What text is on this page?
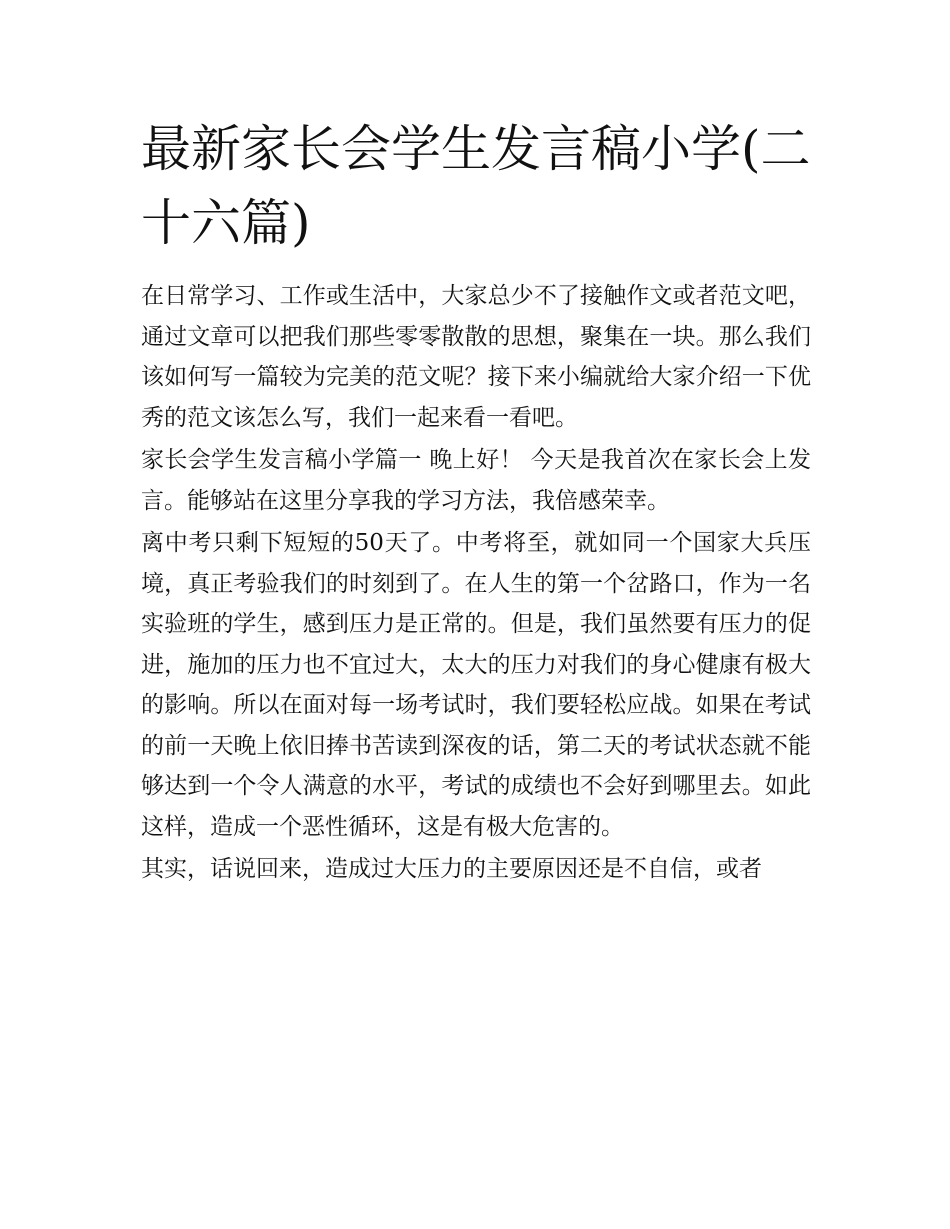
最新家长会学生发言稿小学(二十六篇)

在日常学习、工作或生活中，大家总少不了接触作文或者范文吧，通过文章可以把我们那些零零散散的思想，聚集在一块。那么我们该如何写一篇较为完美的范文呢？接下来小编就给大家介绍一下优秀的范文该怎么写，我们一起来看一看吧。

家长会学生发言稿小学篇一 晚上好！ 今天是我首次在家长会上发言。能够站在这里分享我的学习方法，我倍感荣幸。

离中考只剩下短短的50天了。中考将至，就如同一个国家大兵压境，真正考验我们的时刻到了。在人生的第一个岔路口，作为一名实验班的学生，感到压力是正常的。但是，我们虽然要有压力的促进，施加的压力也不宜过大，太大的压力对我们的身心健康有极大的影响。所以在面对每一场考试时，我们要轻松应战。如果在考试的前一天晚上依旧捧书苦读到深夜的话，第二天的考试状态就不能够达到一个令人满意的水平，考试的成绩也不会好到哪里去。如此这样，造成一个恶性循环，这是有极大危害的。

其实，话说回来，造成过大压力的主要原因还是不自信，或者
